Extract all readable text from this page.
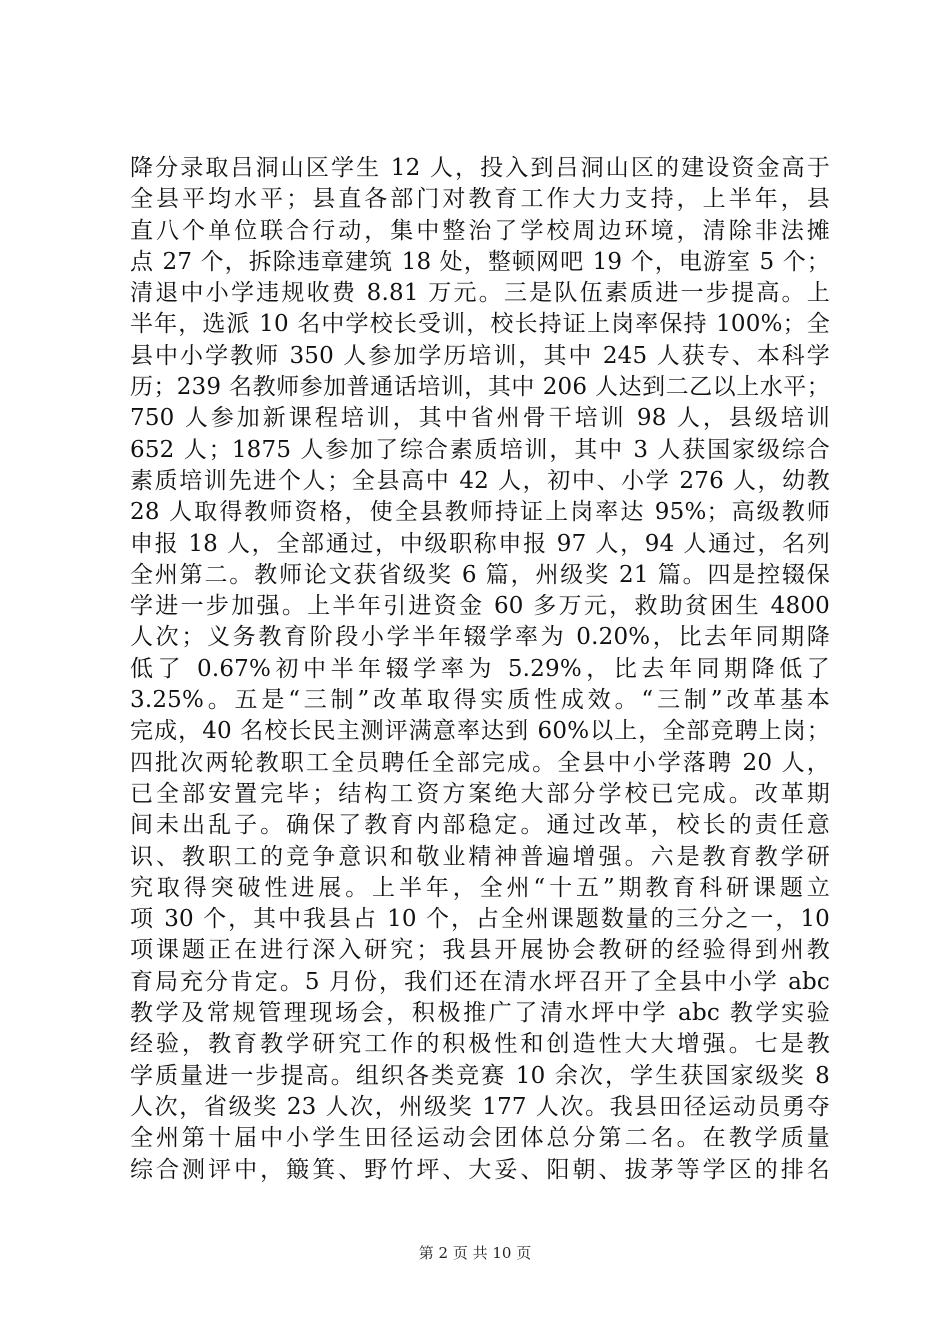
降分录取吕洞山区学生 12 人，投入到吕洞山区的建设资金高于
全县平均水平；县直各部门对教育工作大力支持，上半年，县
直八个单位联合行动，集中整治了学校周边环境，清除非法摊
点 27 个，拆除违章建筑 18 处，整顿网吧 19 个，电游室 5 个；
清退中小学违规收费 8.81 万元。三是队伍素质进一步提高。上
半年，选派 10 名中学校长受训，校长持证上岗率保持 100%；全
县中小学教师 350 人参加学历培训，其中 245 人获专、本科学
历；239 名教师参加普通话培训，其中 206 人达到二乙以上水平；
750 人参加新课程培训，其中省州骨干培训 98 人，县级培训
652 人；1875 人参加了综合素质培训，其中 3 人获国家级综合
素质培训先进个人；全县高中 42 人，初中、小学 276 人，幼教
28 人取得教师资格，使全县教师持证上岗率达 95%；高级教师
申报 18 人，全部通过，中级职称申报 97 人，94 人通过，名列
全州第二。教师论文获省级奖 6 篇，州级奖 21 篇。四是控辍保
学进一步加强。上半年引进资金 60 多万元，救助贫困生 4800
人次；义务教育阶段小学半年辍学率为 0.20%，比去年同期降
低了 0.67%初中半年辍学率为 5.29%，比去年同期降低了
3.25%。五是“三制”改革取得实质性成效。“三制”改革基本
完成，40 名校长民主测评满意率达到 60%以上，全部竞聘上岗；
四批次两轮教职工全员聘任全部完成。全县中小学落聘 20 人，
已全部安置完毕；结构工资方案绝大部分学校已完成。改革期
间未出乱子。确保了教育内部稳定。通过改革，校长的责任意
识、教职工的竞争意识和敬业精神普遍增强。六是教育教学研
究取得突破性进展。上半年，全州“十五”期教育科研课题立
项 30 个，其中我县占 10 个，占全州课题数量的三分之一，10
项课题正在进行深入研究；我县开展协会教研的经验得到州教
育局充分肯定。5 月份，我们还在清水坪召开了全县中小学 abc
教学及常规管理现场会，积极推广了清水坪中学 abc 教学实验
经验，教育教学研究工作的积极性和创造性大大增强。七是教
学质量进一步提高。组织各类竞赛 10 余次，学生获国家级奖 8
人次，省级奖 23 人次，州级奖 177 人次。我县田径运动员勇夺
全州第十届中小学生田径运动会团体总分第二名。在教学质量
综合测评中，簸箕、野竹坪、大妥、阳朝、拔茅等学区的排名
第 2 页 共 10 页
